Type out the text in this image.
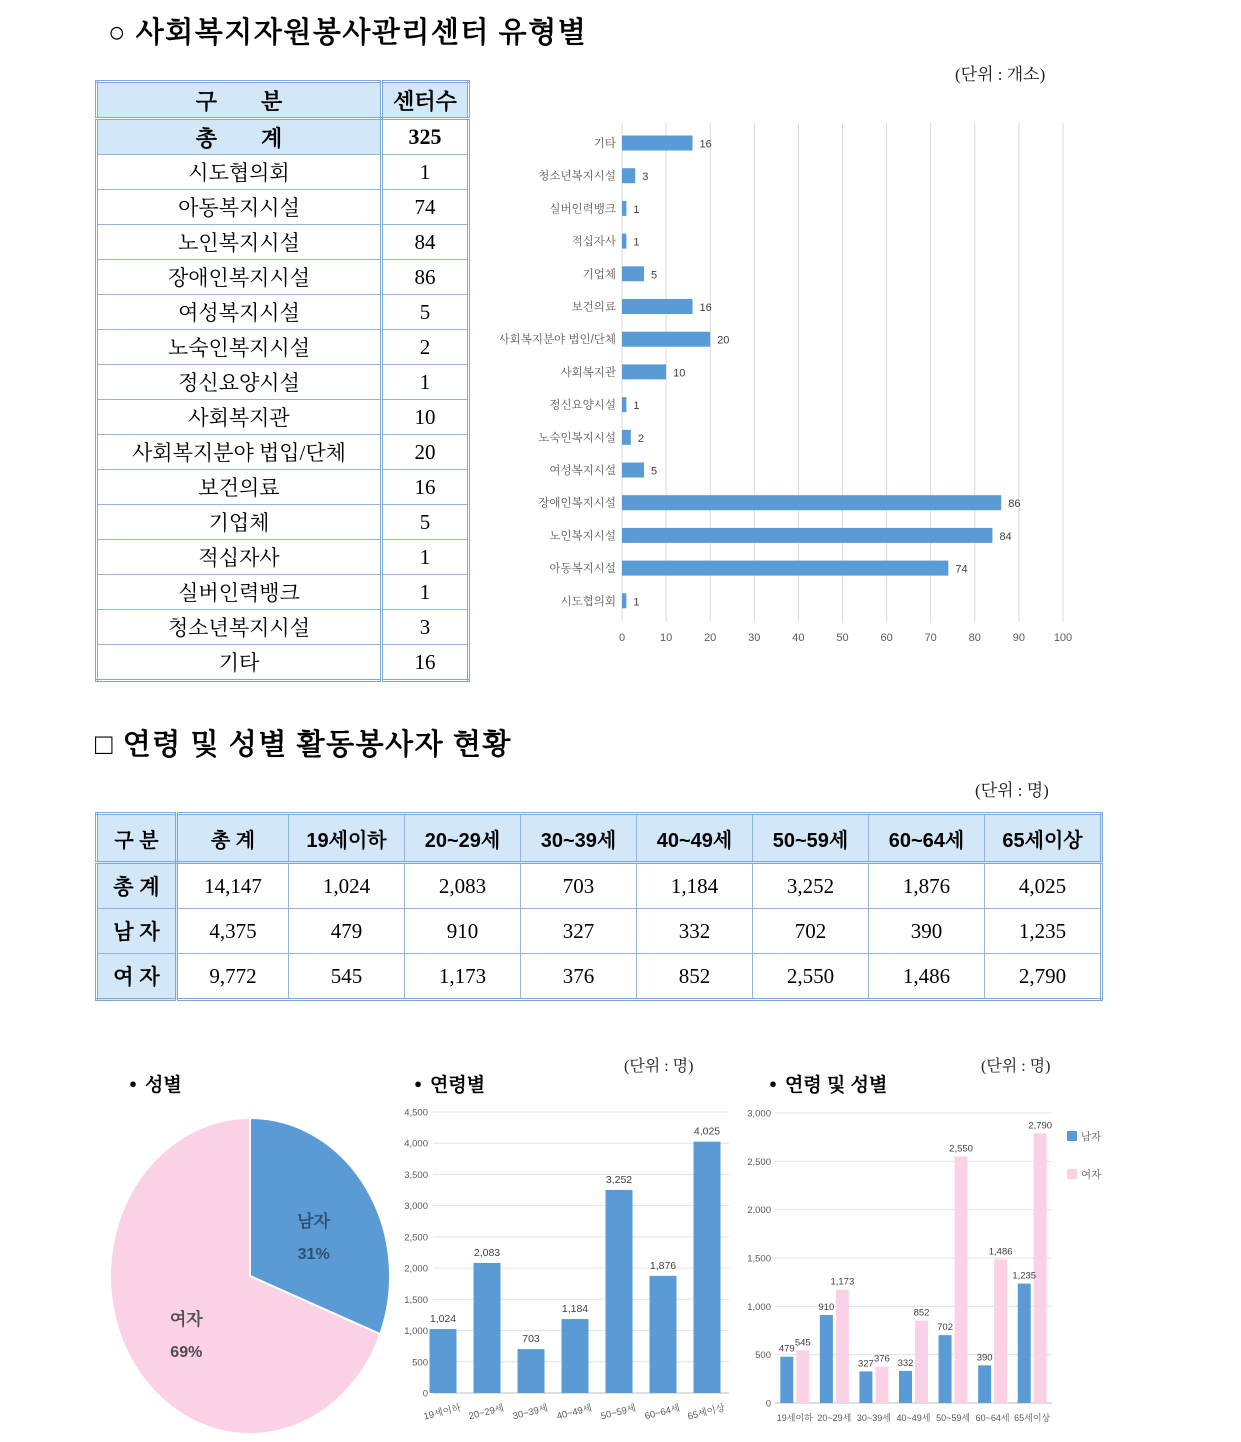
○ 사회복지자원봉사관리센터 유형별
(단위 : 개소)
구        분	센터수
총        계	325
시도협의회	1
아동복지시설	74
노인복지시설	84
장애인복지시설	86
여성복지시설	5
노숙인복지시설	2
정신요양시설	1
사회복지관	10
사회복지분야 법입/단체	20
보건의료	16
기업체	5
적십자사	1
실버인력뱅크	1
청소년복지시설	3
기타	16
0	10	20	30	40	50	60	70	80	90	100
기타	16
청소년복지시설 3
실버인력뱅크 1
적십자사 1
기업체	5
보건의료	16
사회복지분야 법인/단체	20
사회복지관	10
정신요양시설 1
노숙인복지시설 2
여성복지시설	5
장애인복지시설	86
노인복지시설	84
아동복지시설	74
시도협의회 1
□ 연령 및 성별 활동봉사자 현황
(단위 : 명)
구 분	총 계	19세이하	20~29세	30~39세	40~49세	50~59세	60~64세	65세이상
총 계	14,147	1,024	2,083	703	1,184	3,252	1,876	4,025
남 자	4,375	479	910	327	332	702	390	1,235
여 자	9,772	545	1,173	376	852	2,550	1,486	2,790

● 성별
	● 연령별

(단위 : 명)

● 연령 및 성별

(단위 : 명)
남자
31%
여자
69%
0
500
1,000
1,500
2,000
2,500
3,000
3,500
4,000
4,500
1,024
19세이하
2,083
20~29세
703
30~39세
1,184
40~49세
3,252
50~59세
1,876
60~64세
4,025
65세이상	0
500
1,000
1,500
2,000
2,500
3,000
479
545
19세이하
910
1,173
20~29세
327 376
30~39세
332
852
40~49세
702
2,550
50~59세
390
1,486
60~64세
1,235
2,790
65세이상
남자
여자
